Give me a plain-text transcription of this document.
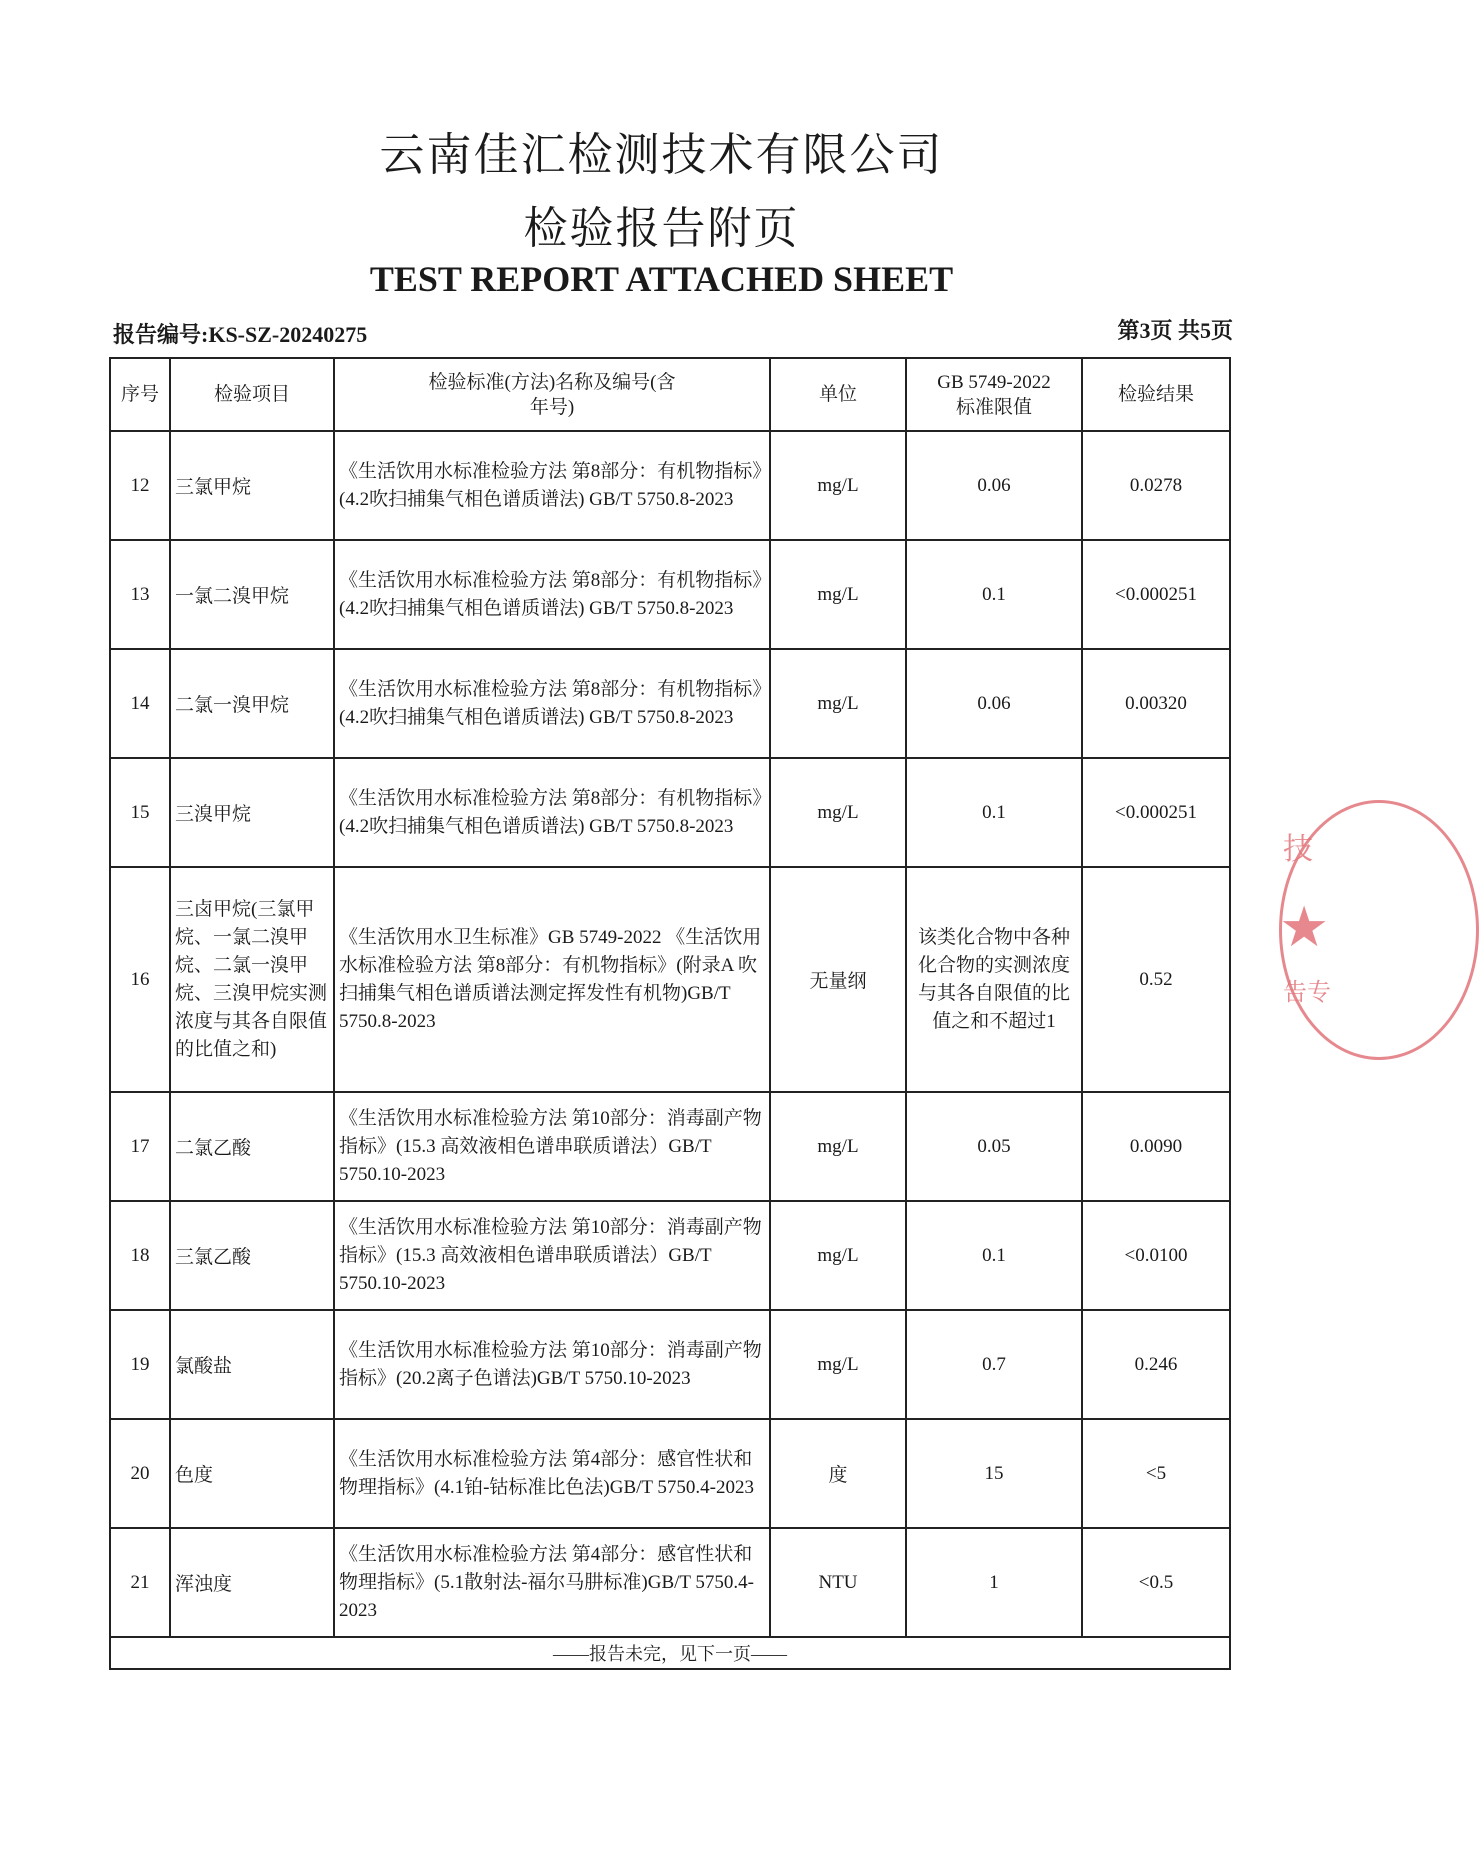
云南佳汇检测技术有限公司
检验报告附页
TEST REPORT ATTACHED SHEET
报告编号:KS-SZ-20240275	第3页 共5页
序号	检验项目	检验标准(方法)名称及编号(含年号)	单位	GB 5749-2022标准限值	检验结果
12	三氯甲烷	《生活饮用水标准检验方法 第8部分：有机物指标》(4.2吹扫捕集气相色谱质谱法) GB/T 5750.8-2023	mg/L	0.06	0.0278
13	一氯二溴甲烷	《生活饮用水标准检验方法 第8部分：有机物指标》(4.2吹扫捕集气相色谱质谱法) GB/T 5750.8-2023	mg/L	0.1	<0.000251
14	二氯一溴甲烷	《生活饮用水标准检验方法 第8部分：有机物指标》(4.2吹扫捕集气相色谱质谱法) GB/T 5750.8-2023	mg/L	0.06	0.00320
15	三溴甲烷	《生活饮用水标准检验方法 第8部分：有机物指标》(4.2吹扫捕集气相色谱质谱法) GB/T 5750.8-2023	mg/L	0.1	<0.000251
16	三卤甲烷(三氯甲烷、一氯二溴甲烷、二氯一溴甲烷、三溴甲烷实测浓度与其各自限值的比值之和)	《生活饮用水卫生标准》GB 5749-2022 《生活饮用水标准检验方法 第8部分：有机物指标》(附录A 吹扫捕集气相色谱质谱法测定挥发性有机物)GB/T 5750.8-2023	无量纲	该类化合物中各种化合物的实测浓度与其各自限值的比值之和不超过1	0.52
17	二氯乙酸	《生活饮用水标准检验方法 第10部分：消毒副产物指标》(15.3 高效液相色谱串联质谱法）GB/T 5750.10-2023	mg/L	0.05	0.0090
18	三氯乙酸	《生活饮用水标准检验方法 第10部分：消毒副产物指标》(15.3 高效液相色谱串联质谱法）GB/T 5750.10-2023	mg/L	0.1	<0.0100
19	氯酸盐	《生活饮用水标准检验方法 第10部分：消毒副产物指标》(20.2离子色谱法)GB/T 5750.10-2023	mg/L	0.7	0.246
20	色度	《生活饮用水标准检验方法 第4部分：感官性状和物理指标》(4.1铂-钴标准比色法)GB/T 5750.4-2023	度	15	<5
21	浑浊度	《生活饮用水标准检验方法 第4部分：感官性状和物理指标》(5.1散射法-福尔马肼标准)GB/T 5750.4-2023	NTU	1	<0.5
——报告未完，见下一页——					
技
★
告专
